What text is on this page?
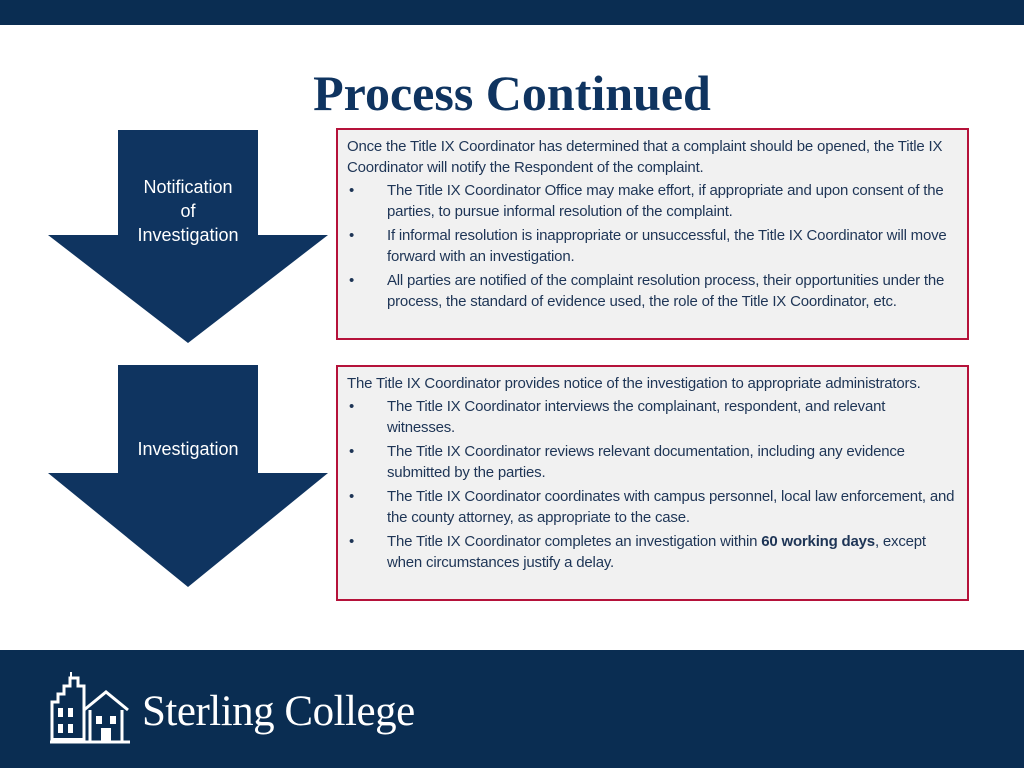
Process Continued
Notification
of
Investigation

Once the Title IX Coordinator has determined that a complaint should be opened, the Title IX Coordinator will notify the Respondent of the complaint.

• The Title IX Coordinator Office may make effort, if appropriate and upon consent of the parties, to pursue informal resolution of the complaint.
• If informal resolution is inappropriate or unsuccessful, the Title IX Coordinator will move forward with an investigation.
• All parties are notified of the complaint resolution process, their opportunities under the process, the standard of evidence used, the role of the Title IX Coordinator, etc.
Investigation

The Title IX Coordinator provides notice of the investigation to appropriate administrators.

• The Title IX Coordinator interviews the complainant, respondent, and relevant witnesses.
• The Title IX Coordinator reviews relevant documentation, including any evidence submitted by the parties.
• The Title IX Coordinator coordinates with campus personnel, local law enforcement, and the county attorney, as appropriate to the case.
• The Title IX Coordinator completes an investigation within 60 working days, except when circumstances justify a delay.
Sterling College
